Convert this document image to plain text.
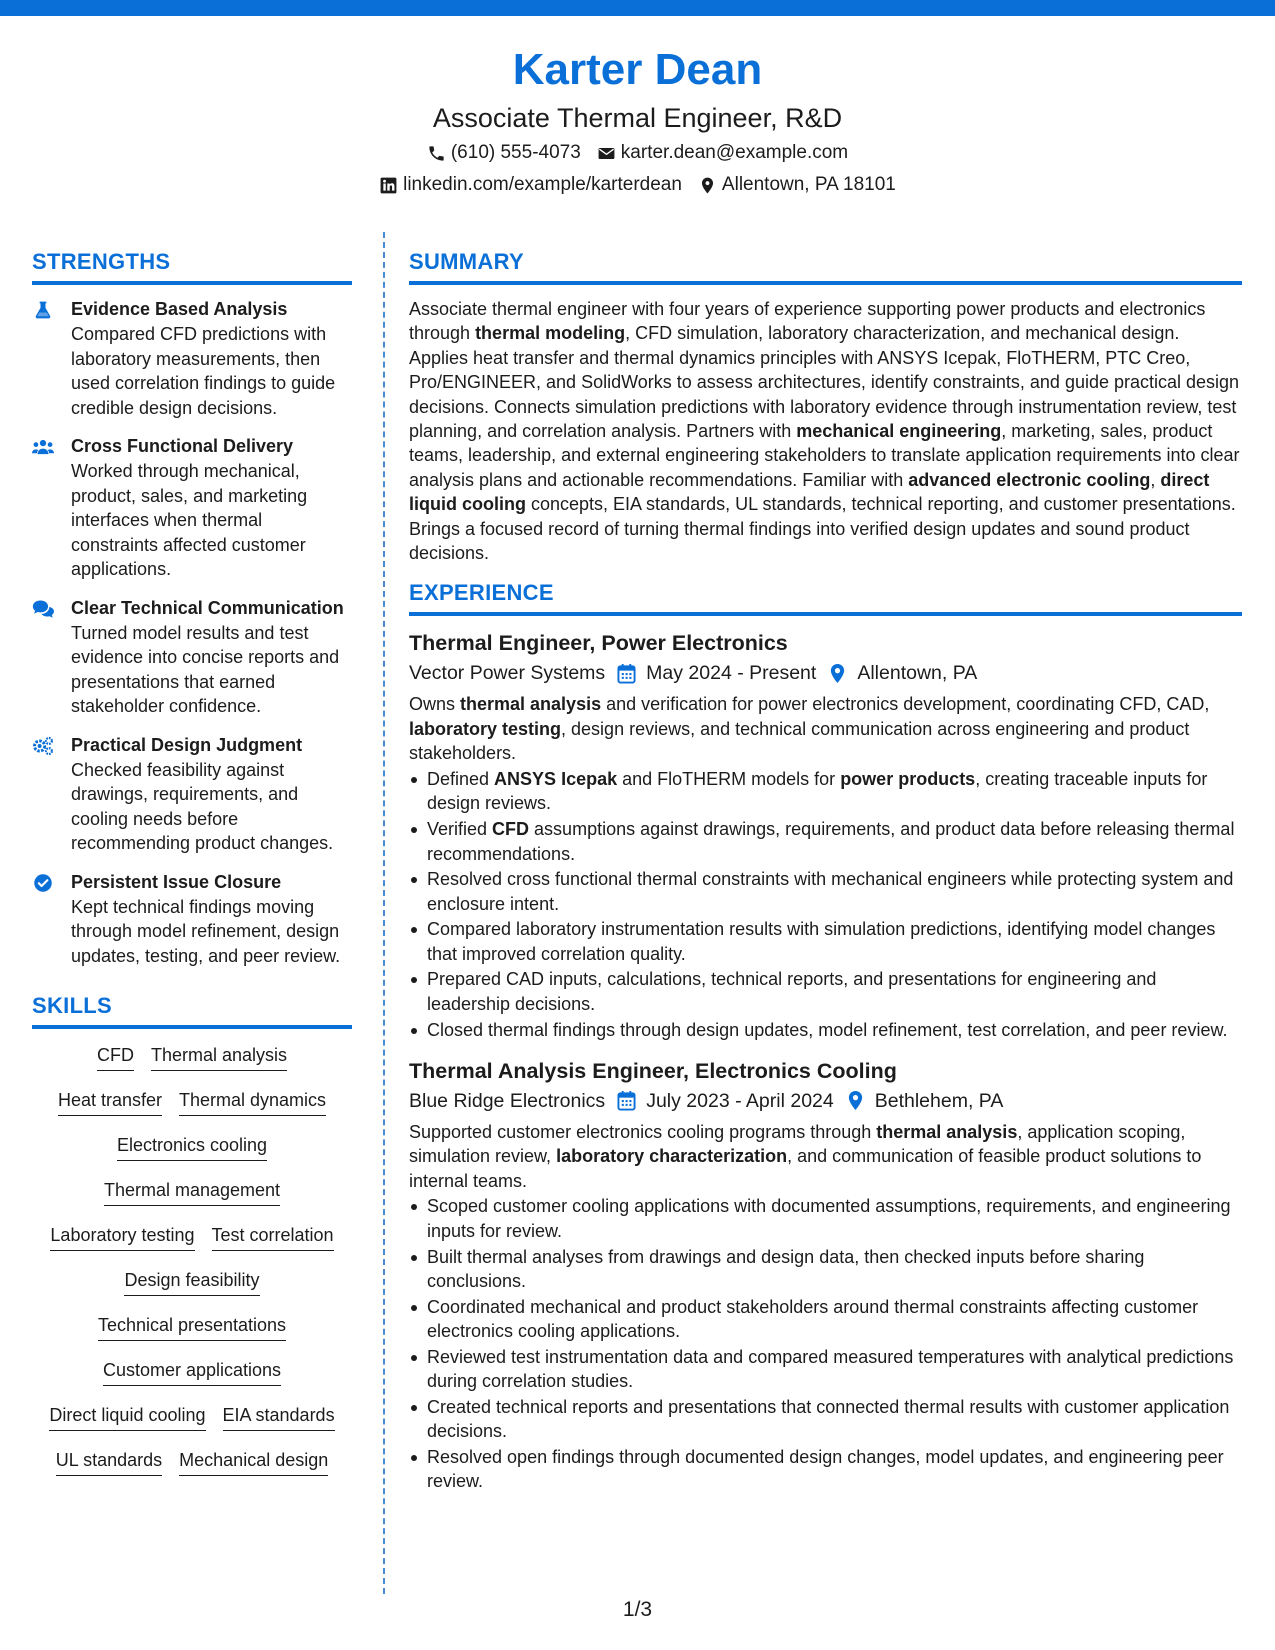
Karter Dean
Associate Thermal Engineer, R&D
(610) 555-4073 karter.dean@example.com
linkedin.com/example/karterdean Allentown, PA 18101
STRENGTHS
Evidence Based Analysis
Compared CFD predictions with laboratory measurements, then used correlation findings to guide credible design decisions.
Cross Functional Delivery
Worked through mechanical, product, sales, and marketing interfaces when thermal constraints affected customer applications.
Clear Technical Communication
Turned model results and test evidence into concise reports and presentations that earned stakeholder confidence.
Practical Design Judgment
Checked feasibility against drawings, requirements, and cooling needs before recommending product changes.
Persistent Issue Closure
Kept technical findings moving through model refinement, design updates, testing, and peer review.
SKILLS
CFD Thermal analysis
Heat transfer Thermal dynamics
Electronics cooling
Thermal management
Laboratory testing Test correlation
Design feasibility
Technical presentations
Customer applications
Direct liquid cooling EIA standards
UL standards Mechanical design
SUMMARY

Associate thermal engineer with four years of experience supporting power products and electronics through thermal modeling, CFD simulation, laboratory characterization, and mechanical design. Applies heat transfer and thermal dynamics principles with ANSYS Icepak, FloTHERM, PTC Creo, Pro/ENGINEER, and SolidWorks to assess architectures, identify constraints, and guide practical design decisions. Connects simulation predictions with laboratory evidence through instrumentation review, test planning, and correlation analysis. Partners with mechanical engineering, marketing, sales, product teams, leadership, and external engineering stakeholders to translate application requirements into clear analysis plans and actionable recommendations. Familiar with advanced electronic cooling, direct liquid cooling concepts, EIA standards, UL standards, technical reporting, and customer presentations. Brings a focused record of turning thermal findings into verified design updates and sound product decisions.

EXPERIENCE
Thermal Engineer, Power Electronics
Vector Power Systems May 2024 - Present Allentown, PA

Owns thermal analysis and verification for power electronics development, coordinating CFD, CAD, laboratory testing, design reviews, and technical communication across engineering and product stakeholders.

Defined ANSYS Icepak and FloTHERM models for power products, creating traceable inputs for design reviews.
Verified CFD assumptions against drawings, requirements, and product data before releasing thermal recommendations.
Resolved cross functional thermal constraints with mechanical engineers while protecting system and enclosure intent.
Compared laboratory instrumentation results with simulation predictions, identifying model changes that improved correlation quality.
Prepared CAD inputs, calculations, technical reports, and presentations for engineering and leadership decisions.
Closed thermal findings through design updates, model refinement, test correlation, and peer review.
Thermal Analysis Engineer, Electronics Cooling
Blue Ridge Electronics July 2023 - April 2024 Bethlehem, PA

Supported customer electronics cooling programs through thermal analysis, application scoping, simulation review, laboratory characterization, and communication of feasible product solutions to internal teams.

Scoped customer cooling applications with documented assumptions, requirements, and engineering inputs for review.
Built thermal analyses from drawings and design data, then checked inputs before sharing conclusions.
Coordinated mechanical and product stakeholders around thermal constraints affecting customer electronics cooling applications.
Reviewed test instrumentation data and compared measured temperatures with analytical predictions during correlation studies.
Created technical reports and presentations that connected thermal results with customer application decisions.
Resolved open findings through documented design changes, model updates, and engineering peer review.
1/3
